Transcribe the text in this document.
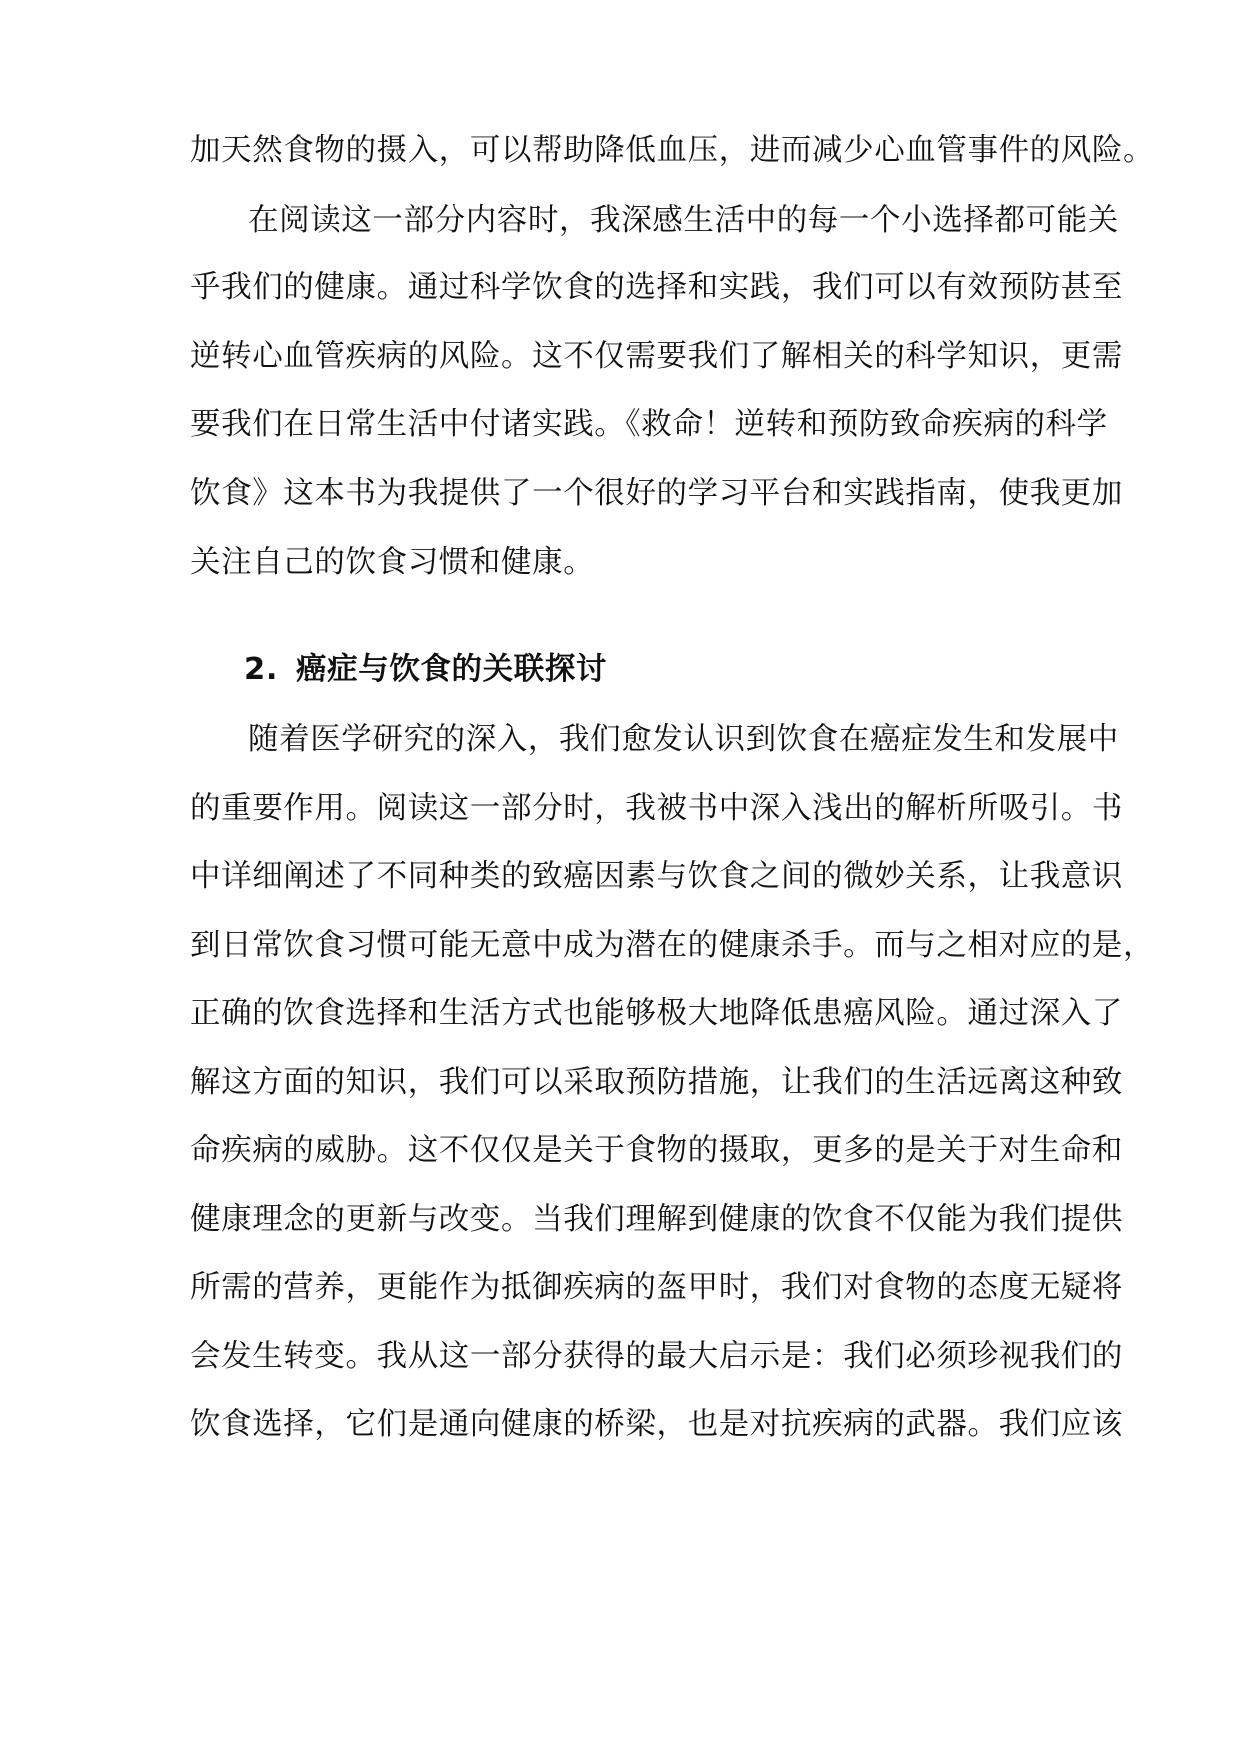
加天然食物的摄入，可以帮助降低血压，进而减少心血管事件的风险。
在阅读这一部分内容时，我深感生活中的每一个小选择都可能关
乎我们的健康。通过科学饮食的选择和实践，我们可以有效预防甚至
逆转心血管疾病的风险。这不仅需要我们了解相关的科学知识，更需
要我们在日常生活中付诸实践。《救命！逆转和预防致命疾病的科学
饮食》这本书为我提供了一个很好的学习平台和实践指南，使我更加
关注自己的饮食习惯和健康。
2. 癌症与饮食的关联探讨
随着医学研究的深入，我们愈发认识到饮食在癌症发生和发展中
的重要作用。阅读这一部分时，我被书中深入浅出的解析所吸引。书
中详细阐述了不同种类的致癌因素与饮食之间的微妙关系，让我意识
到日常饮食习惯可能无意中成为潜在的健康杀手。而与之相对应的是，
正确的饮食选择和生活方式也能够极大地降低患癌风险。通过深入了
解这方面的知识，我们可以采取预防措施，让我们的生活远离这种致
命疾病的威胁。这不仅仅是关于食物的摄取，更多的是关于对生命和
健康理念的更新与改变。当我们理解到健康的饮食不仅能为我们提供
所需的营养，更能作为抵御疾病的盔甲时，我们对食物的态度无疑将
会发生转变。我从这一部分获得的最大启示是：我们必须珍视我们的
饮食选择，它们是通向健康的桥梁，也是对抗疾病的武器。我们应该
